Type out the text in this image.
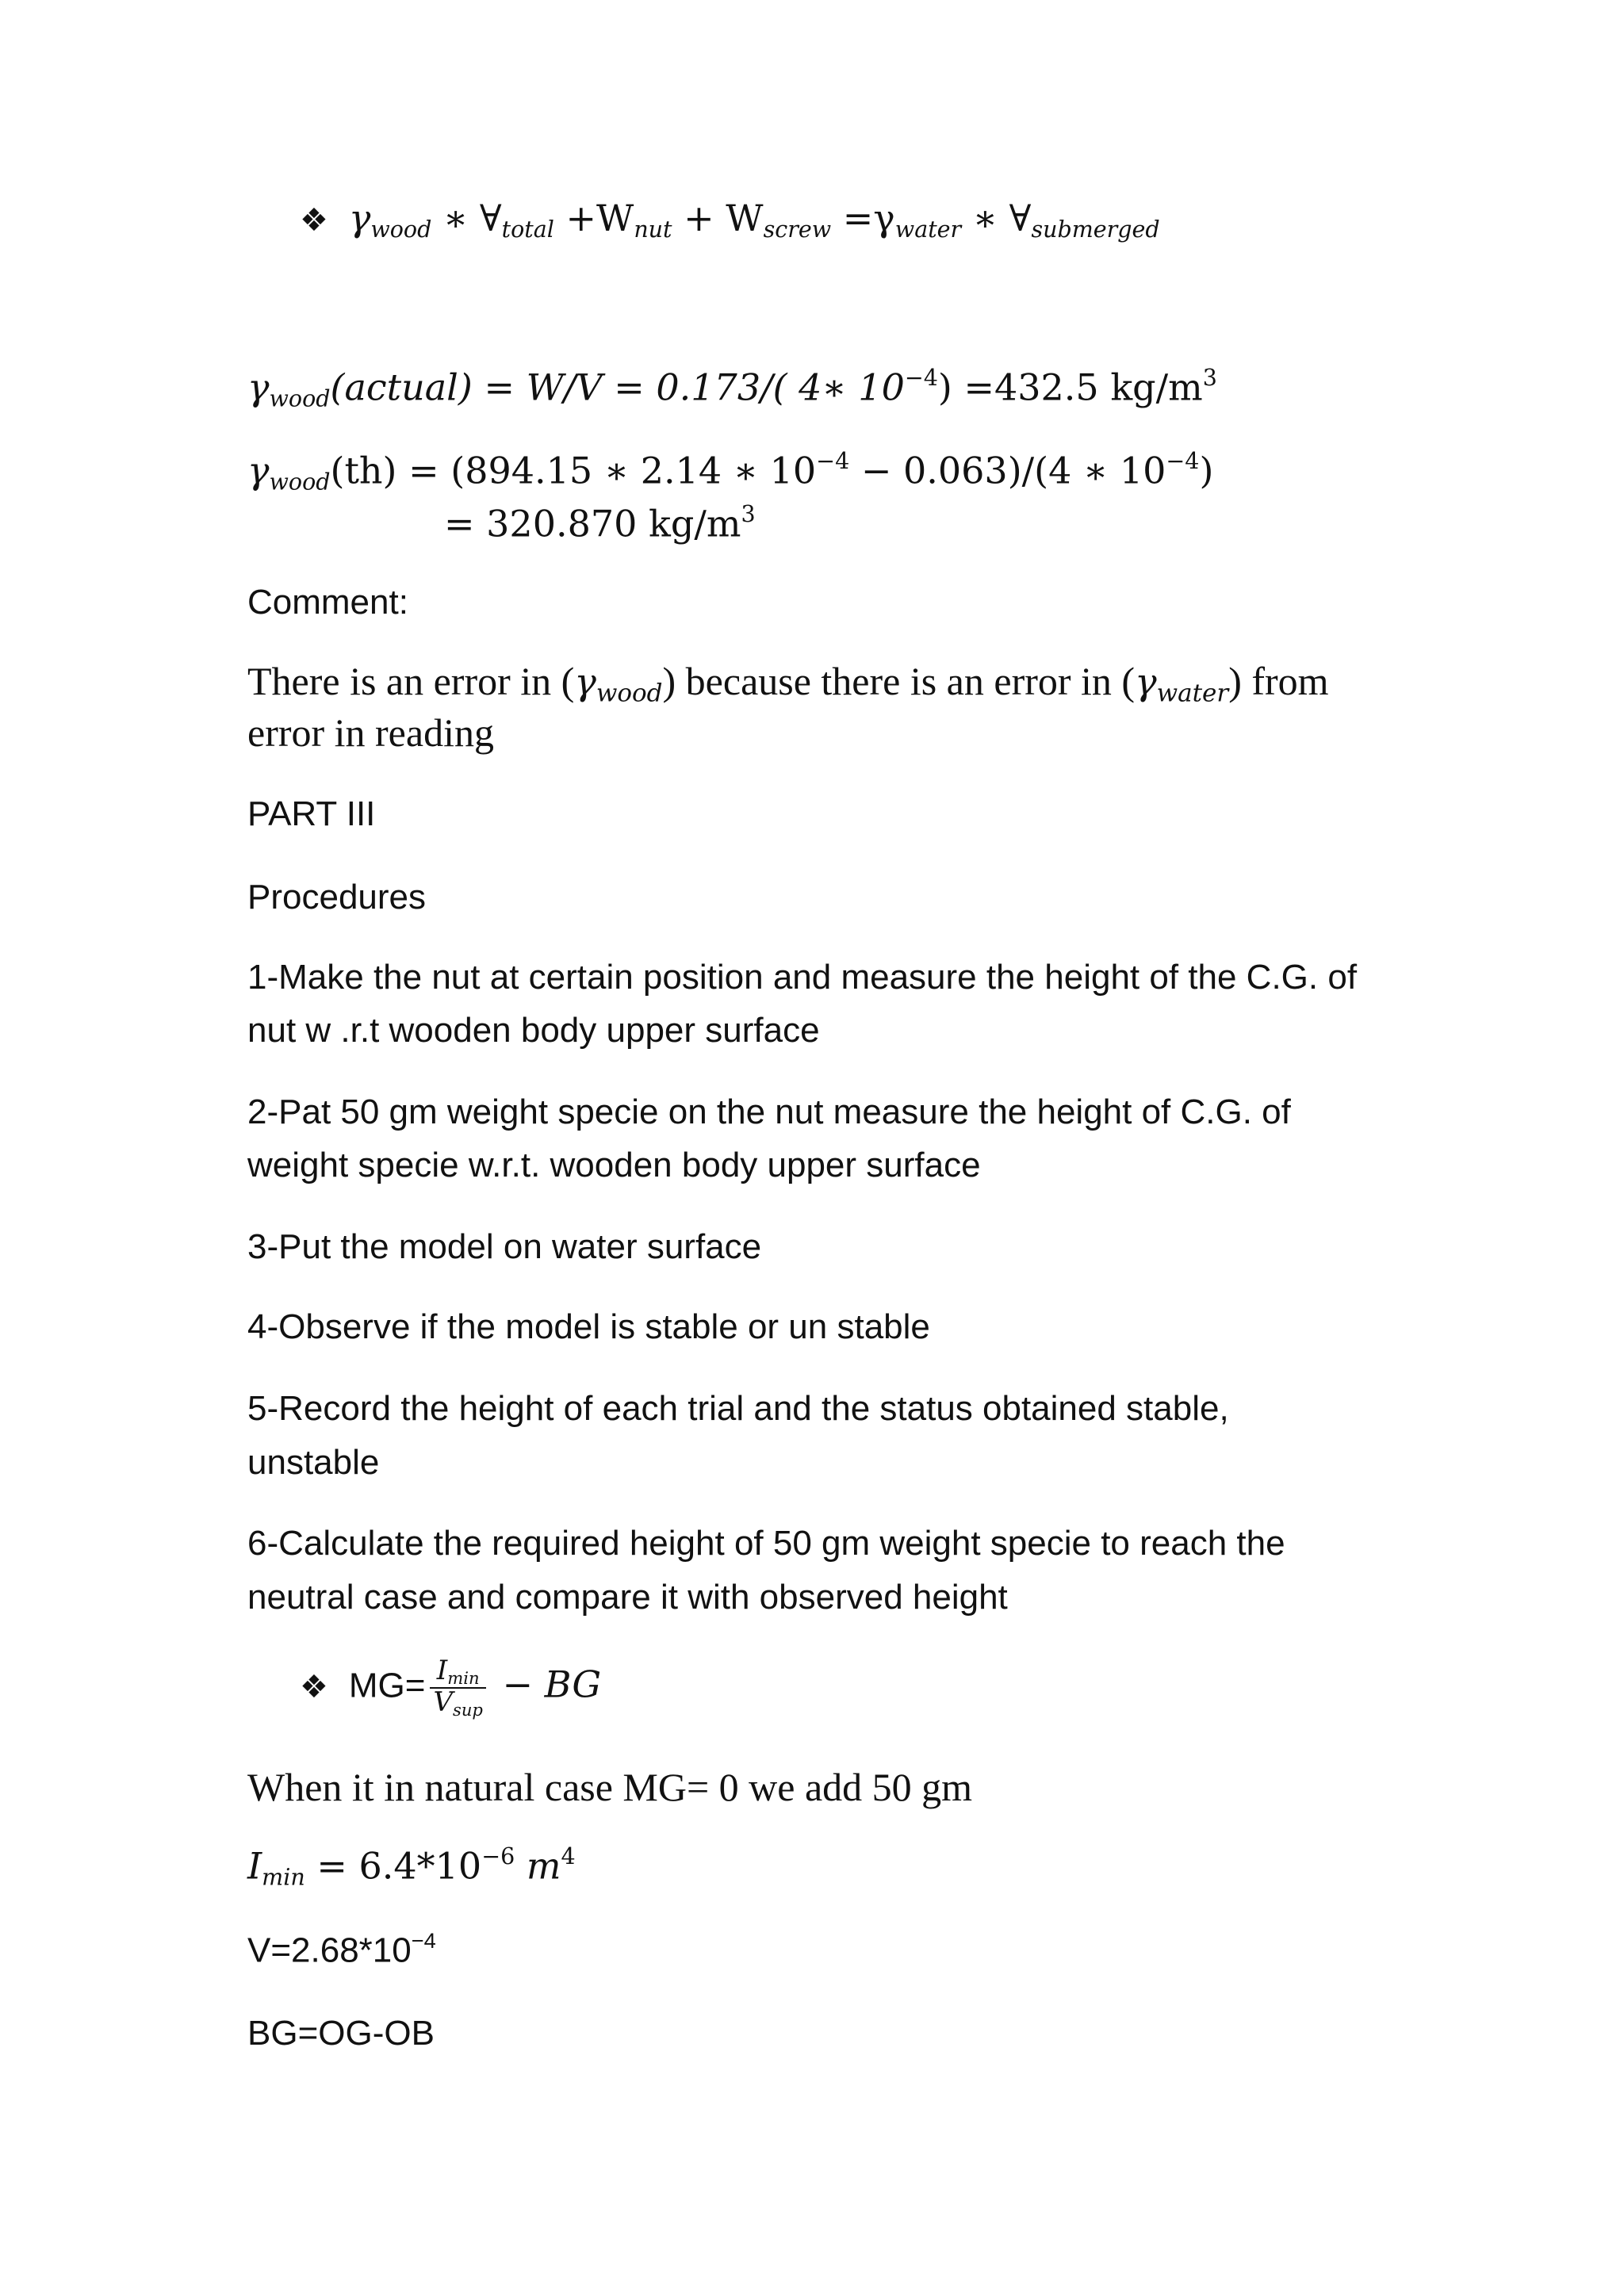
❖ $\gamma_{wood}$ ∗ $\forall_{total} +W_{nut} + W_{screw} =\gamma_{water}$ ∗ $\forall_{submerged}$
$\gamma_{wood}(actual) = W/V = 0.173/$( 4∗ $10^{-4}) =432.5$ $kg/m^3$
$\gamma_{wood}(th) = (894.15$ ∗ 2.14 ∗ $10^{-4} - 0.063)/(4$ ∗ $10^{-4}$)
= 320.870 $kg/m^3$
Comment:
There is an error in $(\gamma_{wood})$ because there is an error in $(\gamma_{water})$ from
error in reading
PART III
Procedures
1-Make the nut at certain position and measure the height of the C.G. of
nut w .r.t wooden body upper surface
2-Pat 50 gm weight specie on the nut measure the height of C.G. of
weight specie w.r.t. wooden body upper surface
3-Put the model on water surface
4-Observe if the model is stable or un stable
5-Record the height of each trial and the status obtained stable,
unstable
6-Calculate the required height of 50 gm weight specie to reach the
neutral case and compare it with observed height
❖ $MG= \frac{I_{min}}{V_{sup}}$ − BG
When it in natural case MG= 0 we add 50 gm
$I_{min} = 6.4*10^{-6}$ $m^4$
$V=2.68*10^{-4}$
BG=OG-OB
